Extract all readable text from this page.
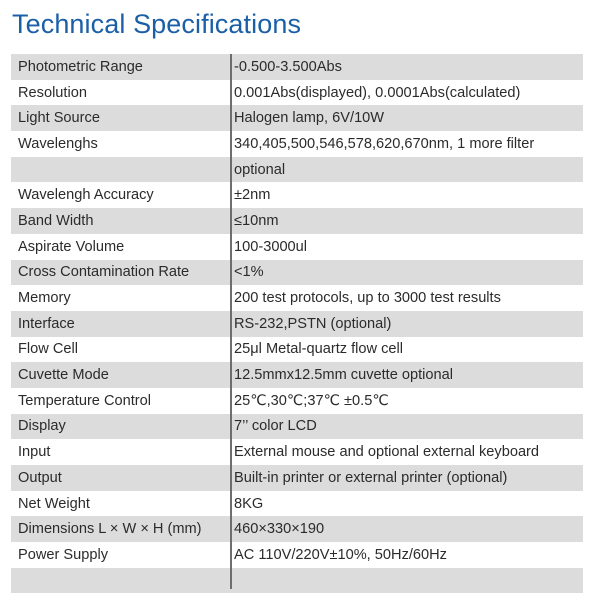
Technical Specifications
Photometric Range	-0.500-3.500Abs
Resolution	0.001Abs(displayed), 0.0001Abs(calculated)
Light Source	Halogen lamp, 6V/10W
Wavelenghs	340,405,500,546,578,620,670nm, 1 more filter
optional
Wavelengh Accuracy	±2nm
Band Width	≤10nm
Aspirate Volume	100-3000ul
Cross Contamination Rate	<1%
Memory	200 test protocols, up to 3000 test results
Interface	RS-232,PSTN (optional)
Flow Cell	25μl Metal-quartz flow cell
Cuvette Mode	12.5mmx12.5mm cuvette optional
Temperature Control	25℃,30℃;37℃ ±0.5℃
Display	7’’ color LCD
Input	External mouse and optional external keyboard
Output	Built-in printer or external printer (optional)
Net Weight	8KG
Dimensions L × W × H (mm)	460×330×190
Power Supply	AC 110V/220V±10%, 50Hz/60Hz
